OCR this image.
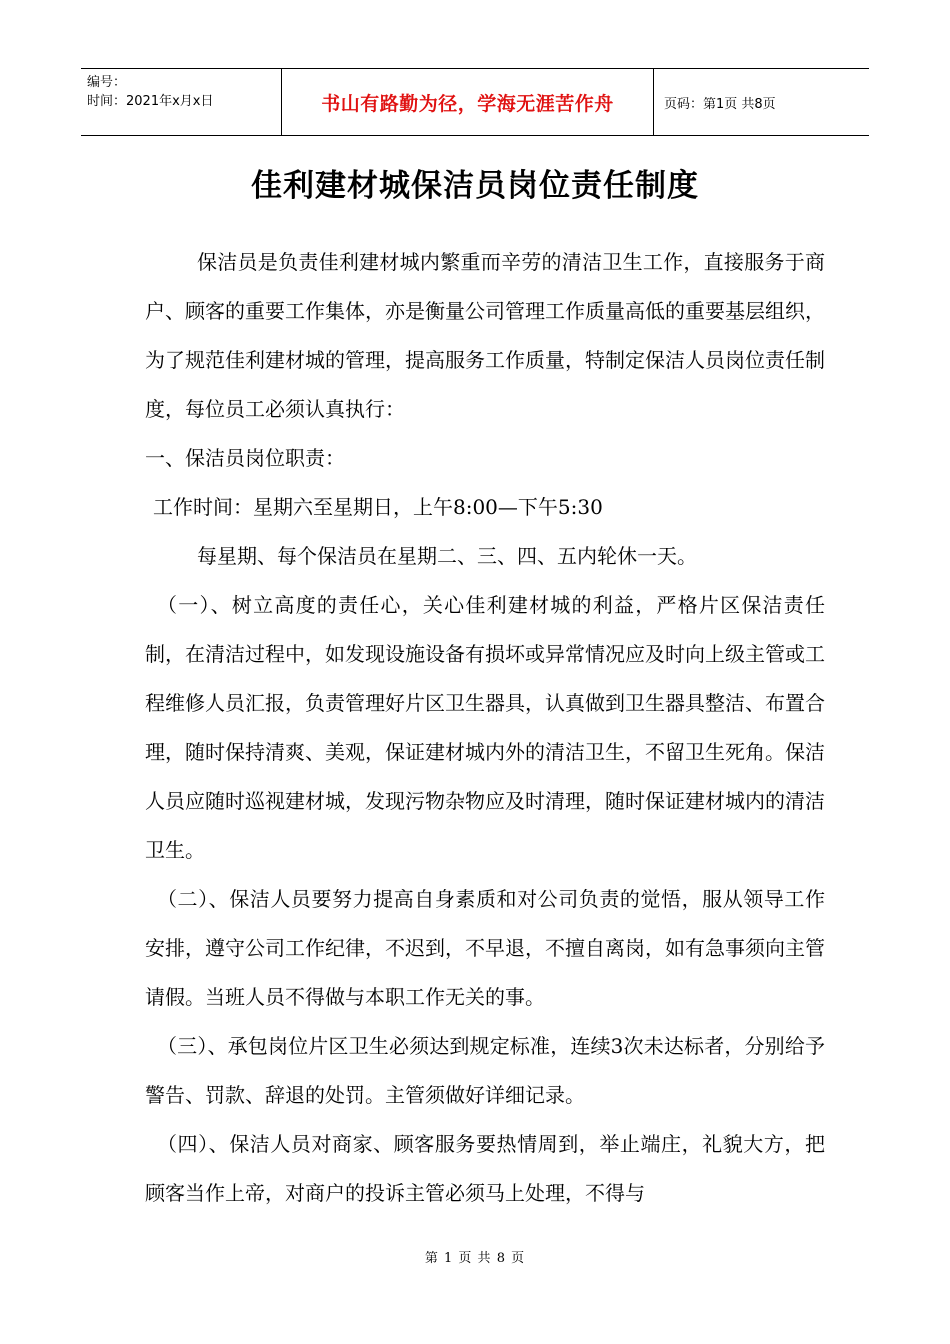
编号：
时间：2021年x月x日	书山有路勤为径，学海无涯苦作舟	页码：第1页 共8页
佳利建材城保洁员岗位责任制度

保洁员是负责佳利建材城内繁重而辛劳的清洁卫生工作，直接服务于商户、顾客的重要工作集体，亦是衡量公司管理工作质量高低的重要基层组织，为了规范佳利建材城的管理，提高服务工作质量，特制定保洁人员岗位责任制度，每位员工必须认真执行：

一、保洁员岗位职责：

工作时间：星期六至星期日，上午8:00—下午5:30

每星期、每个保洁员在星期二、三、四、五内轮休一天。

（一）、树立高度的责任心，关心佳利建材城的利益，严格片区保洁责任制，在清洁过程中，如发现设施设备有损坏或异常情况应及时向上级主管或工程维修人员汇报，负责管理好片区卫生器具，认真做到卫生器具整洁、布置合理，随时保持清爽、美观，保证建材城内外的清洁卫生，不留卫生死角。保洁人员应随时巡视建材城，发现污物杂物应及时清理，随时保证建材城内的清洁卫生。

（二）、保洁人员要努力提高自身素质和对公司负责的觉悟，服从领导工作安排，遵守公司工作纪律，不迟到，不早退，不擅自离岗，如有急事须向主管请假。当班人员不得做与本职工作无关的事。

（三）、承包岗位片区卫生必须达到规定标准，连续3次未达标者，分别给予警告、罚款、辞退的处罚。主管须做好详细记录。

（四）、保洁人员对商家、顾客服务要热情周到，举止端庄，礼貌大方，把顾客当作上帝，对商户的投诉主管必须马上处理，不得与

第 1 页 共 8 页
